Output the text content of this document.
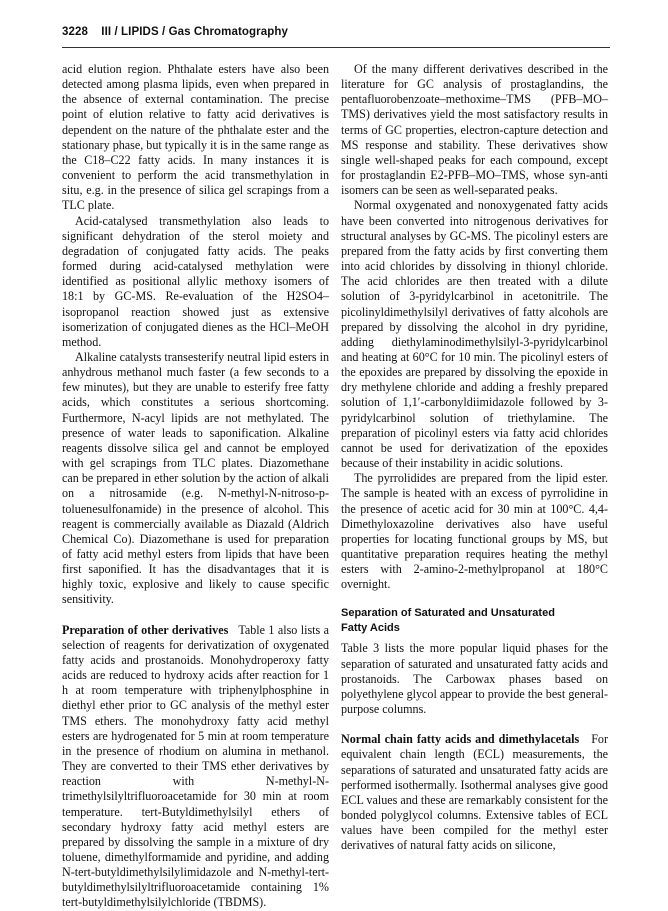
3228 III / LIPIDS / Gas Chromatography

acid elution region. Phthalate esters have also been detected among plasma lipids, even when prepared in the absence of external contamination. The precise point of elution relative to fatty acid derivatives is dependent on the nature of the phthalate ester and the stationary phase, but typically it is in the same range as the C18–C22 fatty acids. In many instances it is convenient to perform the acid transmethylation in situ, e.g. in the presence of silica gel scrapings from a TLC plate.

Acid-catalysed transmethylation also leads to significant dehydration of the sterol moiety and degradation of conjugated fatty acids. The peaks formed during acid-catalysed methylation were identified as positional allylic methoxy isomers of 18:1 by GC-MS. Re-evaluation of the H2SO4–isopropanol reaction showed just as extensive isomerization of conjugated dienes as the HCl–MeOH method.

Alkaline catalysts transesterify neutral lipid esters in anhydrous methanol much faster (a few seconds to a few minutes), but they are unable to esterify free fatty acids, which constitutes a serious shortcoming. Furthermore, N-acyl lipids are not methylated. The presence of water leads to saponification. Alkaline reagents dissolve silica gel and cannot be employed with gel scrapings from TLC plates. Diazomethane can be prepared in ether solution by the action of alkali on a nitrosamide (e.g. N-methyl-N-nitroso-p-toluenesulfonamide) in the presence of alcohol. This reagent is commercially available as Diazald (Aldrich Chemical Co). Diazomethane is used for preparation of fatty acid methyl esters from lipids that have been first saponified. It has the disadvantages that it is highly toxic, explosive and likely to cause specific sensitivity.

Preparation of other derivatives Table 1 also lists a selection of reagents for derivatization of oxygenated fatty acids and prostanoids. Monohydroperoxy fatty acids are reduced to hydroxy acids after reaction for 1 h at room temperature with triphenylphosphine in diethyl ether prior to GC analysis of the methyl ester TMS ethers. The monohydroxy fatty acid methyl esters are hydrogenated for 5 min at room temperature in the presence of rhodium on alumina in methanol. They are converted to their TMS ether derivatives by reaction with N-methyl-N-trimethylsilyltrifluoroacetamide for 30 min at room temperature. tert-Butyldimethylsilyl ethers of secondary hydroxy fatty acid methyl esters are prepared by dissolving the sample in a mixture of dry toluene, dimethylformamide and pyridine, and adding N-tert-butyldimethylsilylimidazole and N-methyl-tert-butyldimethylsilyltrifluoroacetamide containing 1% tert-butyldimethylsilylchloride (TBDMS).

Of the many different derivatives described in the literature for GC analysis of prostaglandins, the pentafluorobenzoate–methoxime–TMS (PFB–MO–TMS) derivatives yield the most satisfactory results in terms of GC properties, electron-capture detection and MS response and stability. These derivatives show single well-shaped peaks for each compound, except for prostaglandin E2-PFB–MO–TMS, whose syn-anti isomers can be seen as well-separated peaks.

Normal oxygenated and nonoxygenated fatty acids have been converted into nitrogenous derivatives for structural analyses by GC-MS. The picolinyl esters are prepared from the fatty acids by first converting them into acid chlorides by dissolving in thionyl chloride. The acid chlorides are then treated with a dilute solution of 3-pyridylcarbinol in acetonitrile. The picolinyldimethylsilyl derivatives of fatty alcohols are prepared by dissolving the alcohol in dry pyridine, adding diethylaminodimethylsilyl-3-pyridylcarbinol and heating at 60°C for 10 min. The picolinyl esters of the epoxides are prepared by dissolving the epoxide in dry methylene chloride and adding a freshly prepared solution of 1,1′-carbonyldiimidazole followed by 3-pyridylcarbinol solution of triethylamine. The preparation of picolinyl esters via fatty acid chlorides cannot be used for derivatization of the epoxides because of their instability in acidic solutions.

The pyrrolidides are prepared from the lipid ester. The sample is heated with an excess of pyrrolidine in the presence of acetic acid for 30 min at 100°C. 4,4-Dimethyloxazoline derivatives also have useful properties for locating functional groups by MS, but quantitative preparation requires heating the methyl esters with 2-amino-2-methylpropanol at 180°C overnight.

Separation of Saturated and Unsaturated
Fatty Acids

Table 3 lists the more popular liquid phases for the separation of saturated and unsaturated fatty acids and prostanoids. The Carbowax phases based on polyethylene glycol appear to provide the best general-purpose columns.

Normal chain fatty acids and dimethylacetals For equivalent chain length (ECL) measurements, the separations of saturated and unsaturated fatty acids are performed isothermally. Isothermal analyses give good ECL values and these are remarkably consistent for the bonded polyglycol columns. Extensive tables of ECL values have been compiled for the methyl ester derivatives of natural fatty acids on silicone,
